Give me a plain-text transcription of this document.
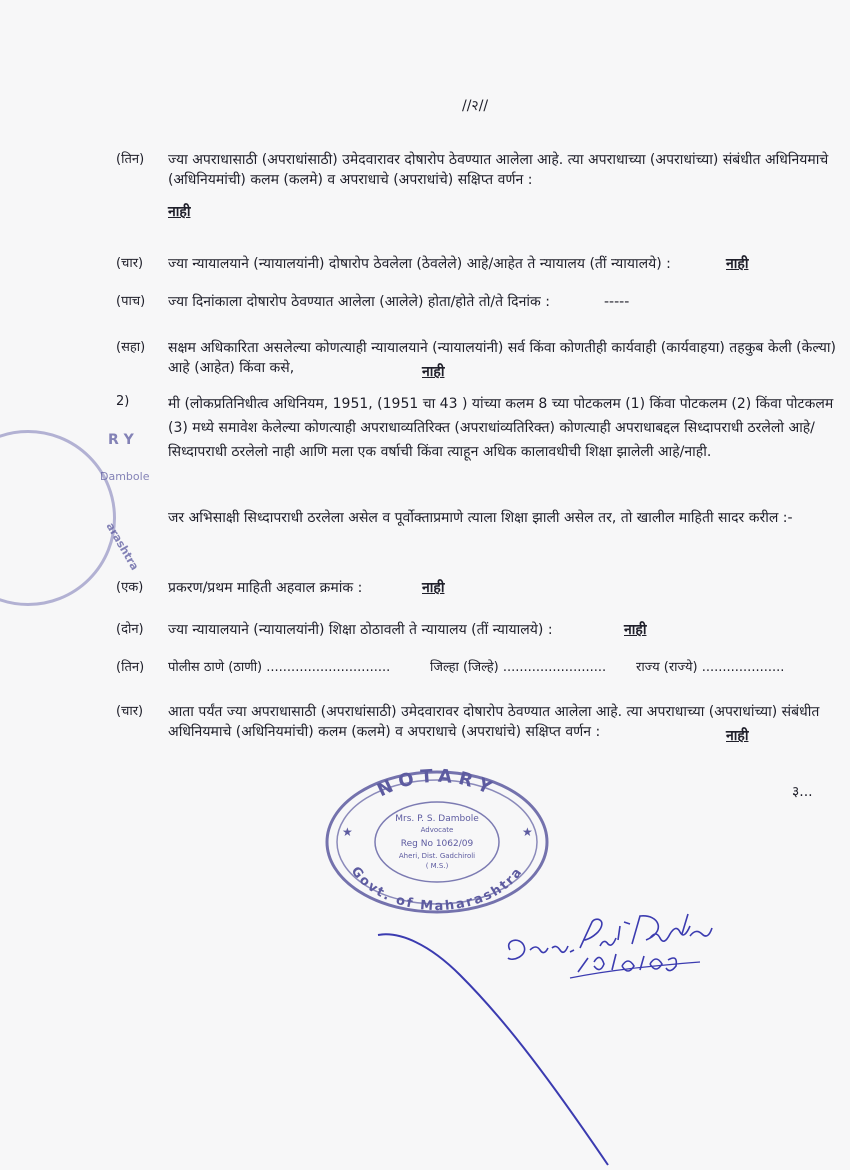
//२//
(तिन) ज्या अपराधासाठी (अपराधांसाठी) उमेदवारावर दोषारोप ठेवण्यात आलेला आहे. त्या अपराधाच्या (अपराधांच्या) संबंधीत अधिनियमाचे (अधिनियमांची) कलम (कलमे) व अपराधाचे (अपराधांचे) सक्षिप्त वर्णन :
नाही
(चार) ज्या न्यायालयाने (न्यायालयांनी) दोषारोप ठेवलेला (ठेवलेले) आहे/आहेत ते न्यायालय (तीं न्यायालये) :	नाही
(पाच) ज्या दिनांकाला दोषारोप ठेवण्यात आलेला (आलेले) होता/होते तो/ते दिनांक :	-----
(सहा) सक्षम अधिकारिता असलेल्या कोणत्याही न्यायालयाने (न्यायालयांनी) सर्व किंवा कोणतीही कार्यवाही (कार्यवाहया) तहकुब केली (केल्या) आहे (आहेत) किंवा कसे,	नाही
2)	मी (लोकप्रतिनिधीत्व अधिनियम, 1951, (1951 चा 43 ) यांच्या कलम 8 च्या पोटकलम (1) किंवा पोटकलम (2) किंवा पोटकलम (3) मध्ये समावेश केलेल्या कोणत्याही अपराधाव्यतिरिक्त (अपराधांव्यतिरिक्त) कोणत्याही अपराधाबद्दल सिध्दापराधी ठरलेलो आहे/सिध्दापराधी ठरलेलो नाही आणि मला एक वर्षाची किंवा त्याहून अधिक कालावधीची शिक्षा झालेली आहे/नाही.
जर अभिसाक्षी सिध्दापराधी ठरलेला असेल व पूर्वोक्ताप्रमाणे त्याला शिक्षा झाली असेल तर, तो खालील माहिती सादर करील :-
(एक) प्रकरण/प्रथम माहिती अहवाल क्रमांक :	नाही
(दोन) ज्या न्यायालयाने (न्यायालयांनी) शिक्षा ठोठावली ते न्यायालय (तीं न्यायालये) :	नाही
(तिन) पोलीस ठाणे (ठाणी) ..............................	जिल्हा (जिल्हे) ......................... राज्य (राज्ये) ....................
(चार) आता पर्यंत ज्या अपराधासाठी (अपराधांसाठी) उमेदवारावर दोषारोप ठेवण्यात आलेला आहे. त्या अपराधाच्या (अपराधांच्या) संबंधीत अधिनियमाचे (अधिनियमांची) कलम (कलमे) व अपराधाचे (अपराधांचे) सक्षिप्त वर्णन :	नाही
३...
R Y
Dambole
arashtra
NOTARY
Govt. of Maharashtra
★	★
Mrs. P. S. Dambole
Advocate
Reg No 1062/09
Aheri, Dist. Gadchiroli
( M.S.)
